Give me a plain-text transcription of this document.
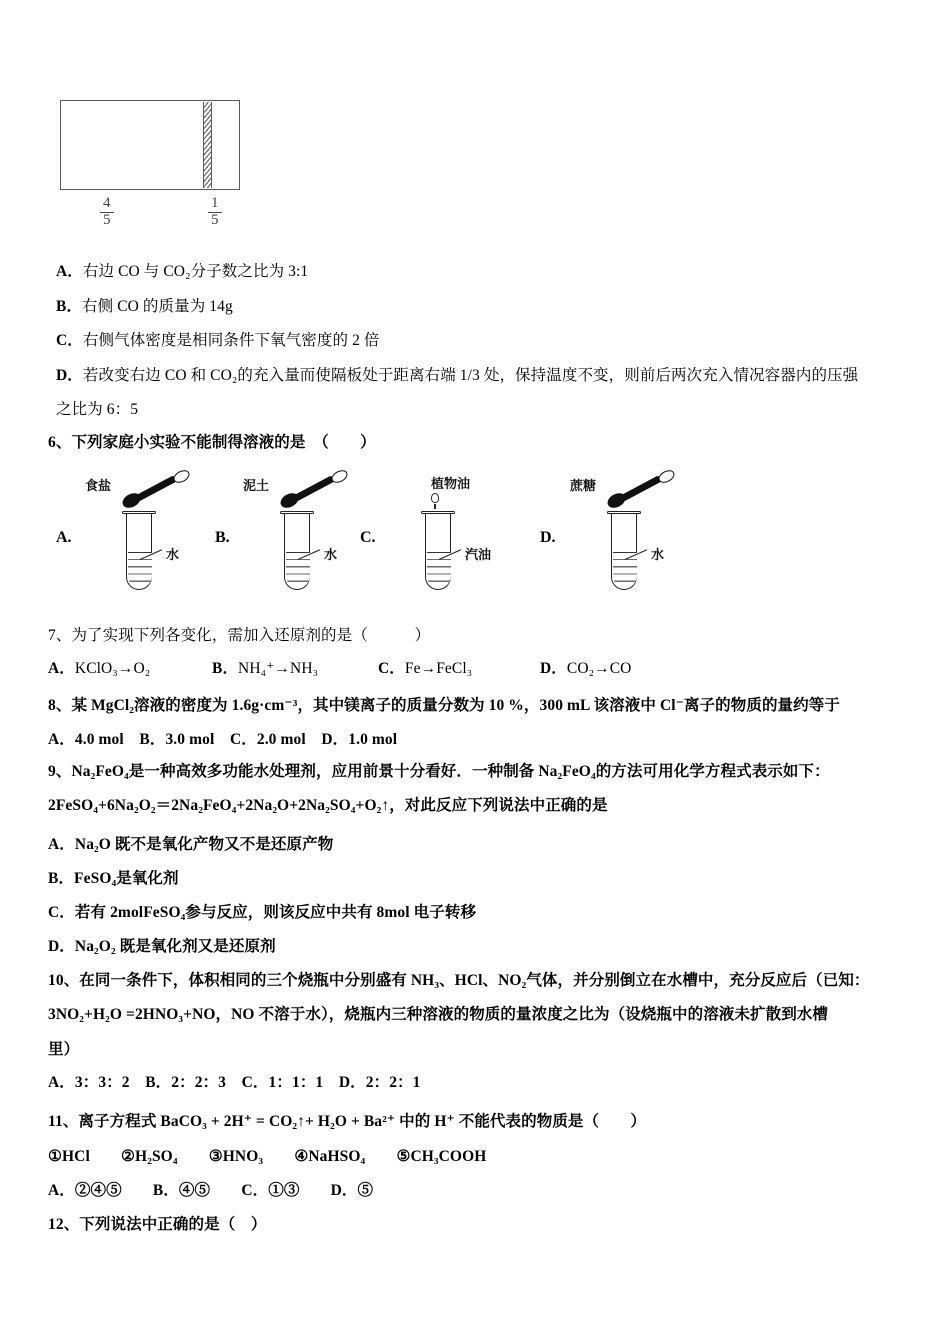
$\frac{4}{5}$	$\frac{1}{5}$
A．右边 CO 与 CO₂分子数之比为 3:1
B．右侧 CO 的质量为 14g
C．右侧气体密度是相同条件下氧气密度的 2 倍
D．若改变右边 CO 和 CO₂的充入量而使隔板处于距离右端 1/3 处，保持温度不变，则前后两次充入情况容器内的压强
之比为 6：5
6、下列家庭小实验不能制得溶液的是　（　　）
A.
食盐
水
B.
泥土
水
C.
植物油
汽油
D.
蔗糖
水
7、为了实现下列各变化，需加入还原剂的是（　　　）
A．KClO₃→O₂	B．NH₄⁺→NH₃	C．Fe→FeCl₃	D．CO₂→CO
8、某 MgCl₂溶液的密度为 1.6g·cm⁻³，其中镁离子的质量分数为 10 %，300 mL 该溶液中 Cl⁻离子的物质的量约等于
A．4.0 mol　B．3.0 mol　C．2.0 mol　D．1.0 mol
9、Na₂FeO₄是一种高效多功能水处理剂，应用前景十分看好．一种制备 Na₂FeO₄的方法可用化学方程式表示如下：
2FeSO₄+6Na₂O₂＝2Na₂FeO₄+2Na₂O+2Na₂SO₄+O₂↑，对此反应下列说法中正确的是
A．Na₂O 既不是氧化产物又不是还原产物
B．FeSO₄是氧化剂
C．若有 2molFeSO₄参与反应，则该反应中共有 8mol 电子转移
D．Na₂O₂ 既是氧化剂又是还原剂
10、在同一条件下，体积相同的三个烧瓶中分别盛有 NH₃、HCl、NO₂气体，并分别倒立在水槽中，充分反应后（已知：
3NO₂+H₂O =2HNO₃+NO，NO 不溶于水），烧瓶内三种溶液的物质的量浓度之比为（设烧瓶中的溶液未扩散到水槽
里）
A．3：3：2　B．2：2：3　C．1：1：1　D．2：2：1
11、离子方程式 BaCO₃ + 2H⁺ = CO₂↑+ H₂O + Ba²⁺ 中的 H⁺ 不能代表的物质是（　　）
①HCl　　②H₂SO₄　　③HNO₃　　④NaHSO₄　　⑤CH₃COOH
A．②④⑤　　B．④⑤　　C．①③　　D．⑤
12、下列说法中正确的是（　）
